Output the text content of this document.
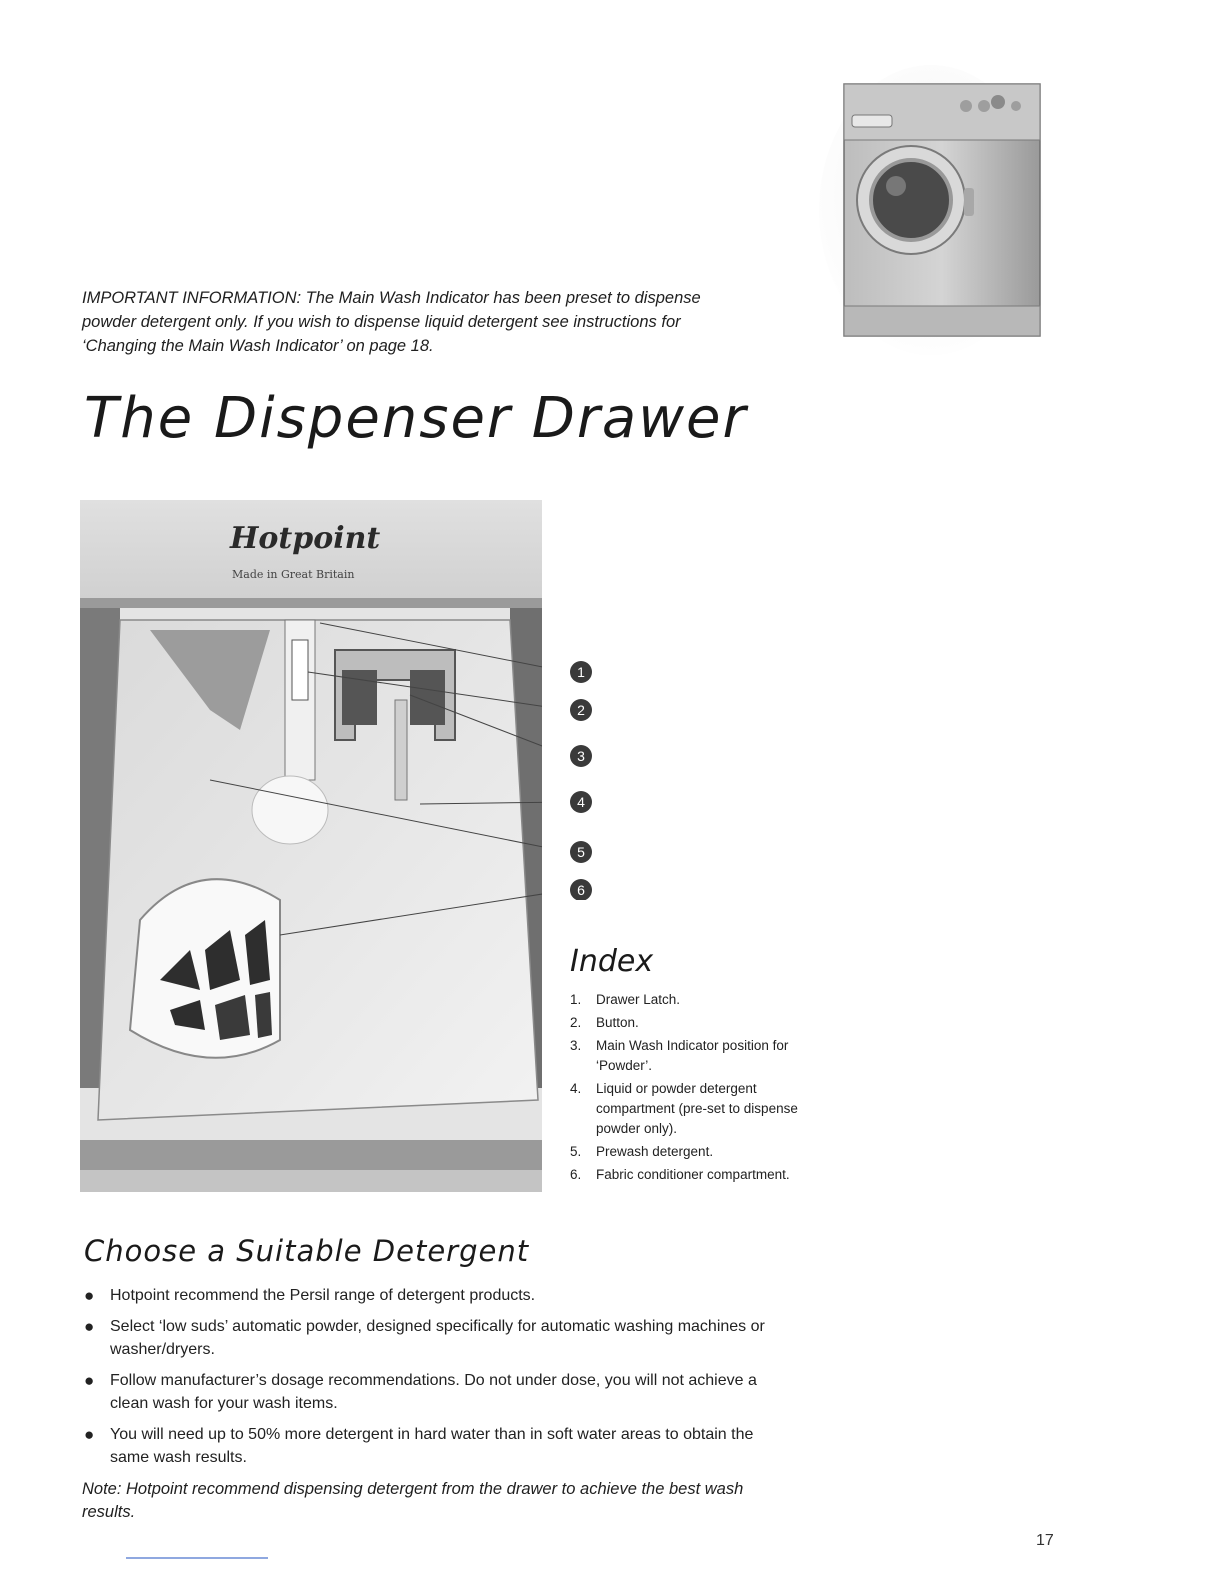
IMPORTANT INFORMATION: The Main Wash Indicator has been preset to dispense powder detergent only. If you wish to dispense liquid detergent see instructions for ‘Changing the Main Wash Indicator’ on page 18.
The Dispenser Drawer
Hotpoint
Made in Great Britain
1
2
3
4
5
6
Index
1.	Drawer Latch.
2.	Button.
3.	Main Wash Indicator position for ‘Powder’.
4.	Liquid or powder detergent compartment (pre-set to dispense powder only).
5.	Prewash detergent.
6.	Fabric conditioner compartment.
Choose a Suitable Detergent
● Hotpoint recommend the Persil range of detergent products.
● Select ‘low suds’ automatic powder, designed specifically for automatic washing machines or washer/dryers.
● Follow manufacturer’s dosage recommendations. Do not under dose, you will not achieve a clean wash for your wash items.
● You will need up to 50% more detergent in hard water than in soft water areas to obtain the same wash results.
Note: Hotpoint recommend dispensing detergent from the drawer to achieve the best wash results.
17
